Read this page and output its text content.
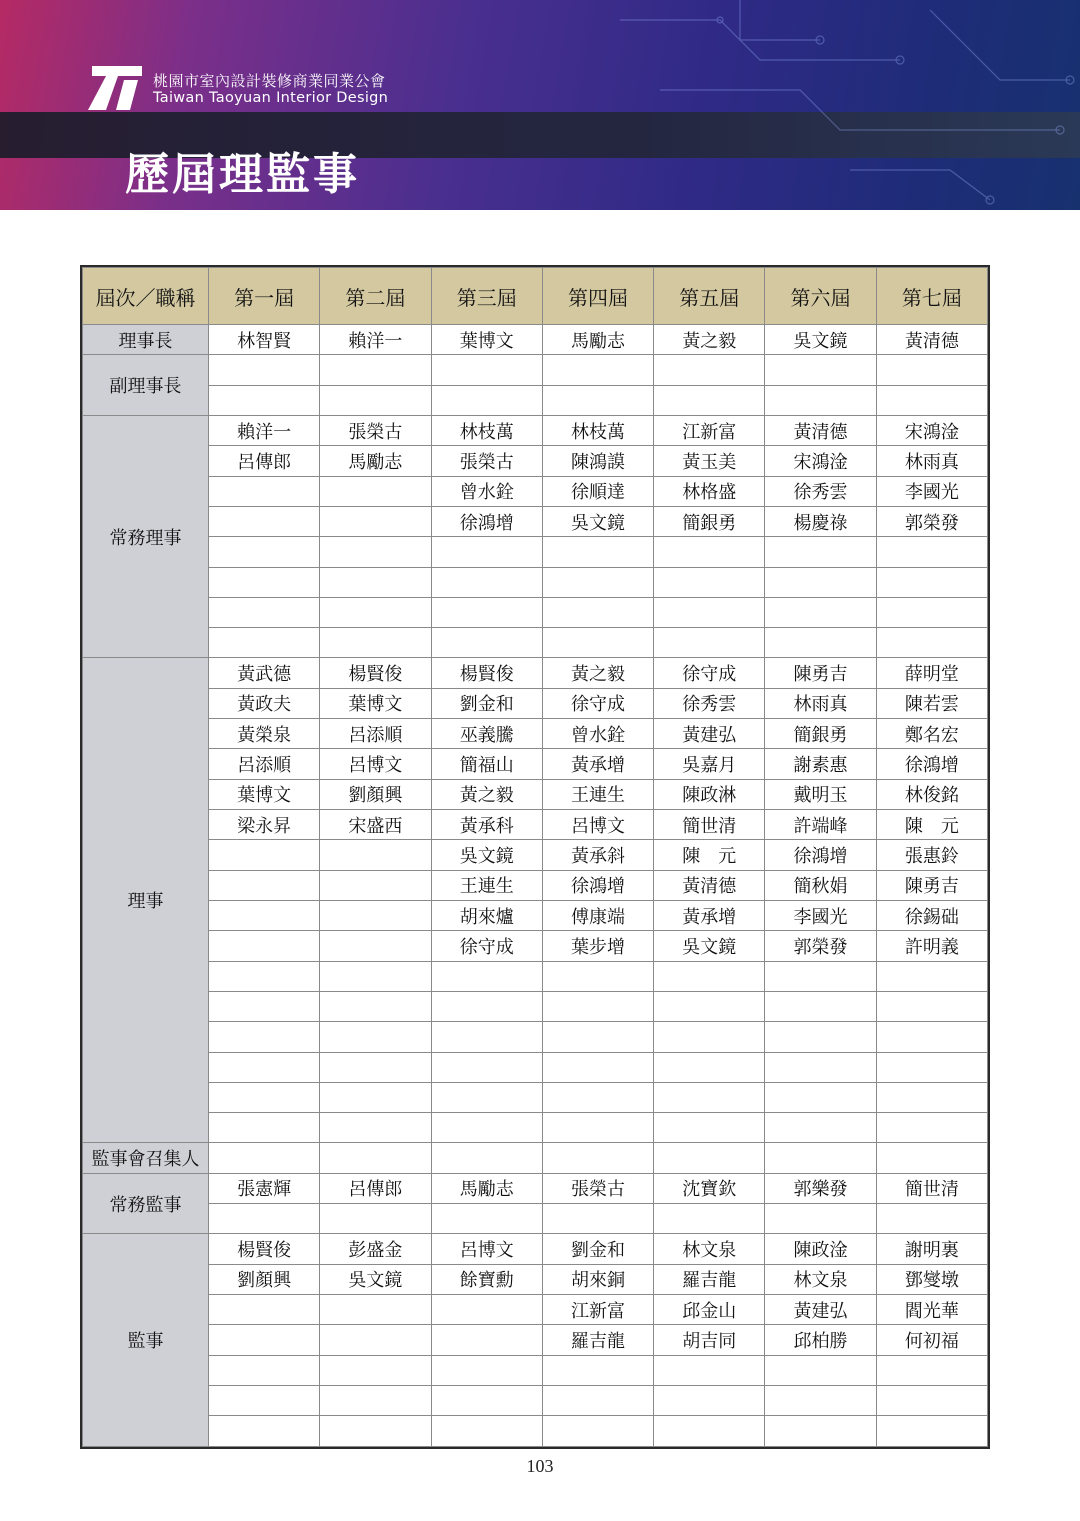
桃園市室內設計裝修商業同業公會
Taiwan Taoyuan Interior Design
歷屆理監事
屆次／職稱	第一屆	第二屆	第三屆	第四屆	第五屆	第六屆	第七屆
理事長	林智賢	賴洋一	葉博文	馬勵志	黃之毅	吳文鏡	黃清德
副理事長							

常務理事	賴洋一	張榮古	林枝萬	林枝萬	江新富	黃清德	宋鴻淦
	呂傳郎	馬勵志	張榮古	陳鴻謨	黃玉美	宋鴻淦	林雨真
			曾水銓	徐順達	林格盛	徐秀雲	李國光
			徐鴻增	吳文鏡	簡銀勇	楊慶祿	郭榮發

理事	黃武德	楊賢俊	楊賢俊	黃之毅	徐守成	陳勇吉	薛明堂
	黃政夫	葉博文	劉金和	徐守成	徐秀雲	林雨真	陳若雲
	黃榮泉	呂添順	巫義騰	曾水銓	黃建弘	簡銀勇	鄭名宏
	呂添順	呂博文	簡福山	黃承增	吳嘉月	謝素惠	徐鴻增
	葉博文	劉顏興	黃之毅	王連生	陳政淋	戴明玉	林俊銘
	梁永昇	宋盛西	黃承科	呂博文	簡世清	許端峰	陳　元
			吳文鏡	黃承斜	陳　元	徐鴻增	張惠鈴
			王連生	徐鴻增	黃清德	簡秋娟	陳勇吉
			胡來爐	傅康端	黃承增	李國光	徐錫础
			徐守成	葉步增	吳文鏡	郭榮發	許明義

監事會召集人							
常務監事	張憲輝	呂傳郎	馬勵志	張榮古	沈寶欽	郭樂發	簡世清

監事	楊賢俊	彭盛金	呂博文	劉金和	林文泉	陳政淦	謝明裏
	劉顏興	吳文鏡	餘寶勳	胡來銅	羅吉龍	林文泉	鄧燮墩
				江新富	邱金山	黃建弘	閻光華
				羅吉龍	胡吉同	邱柏勝	何初福

103
